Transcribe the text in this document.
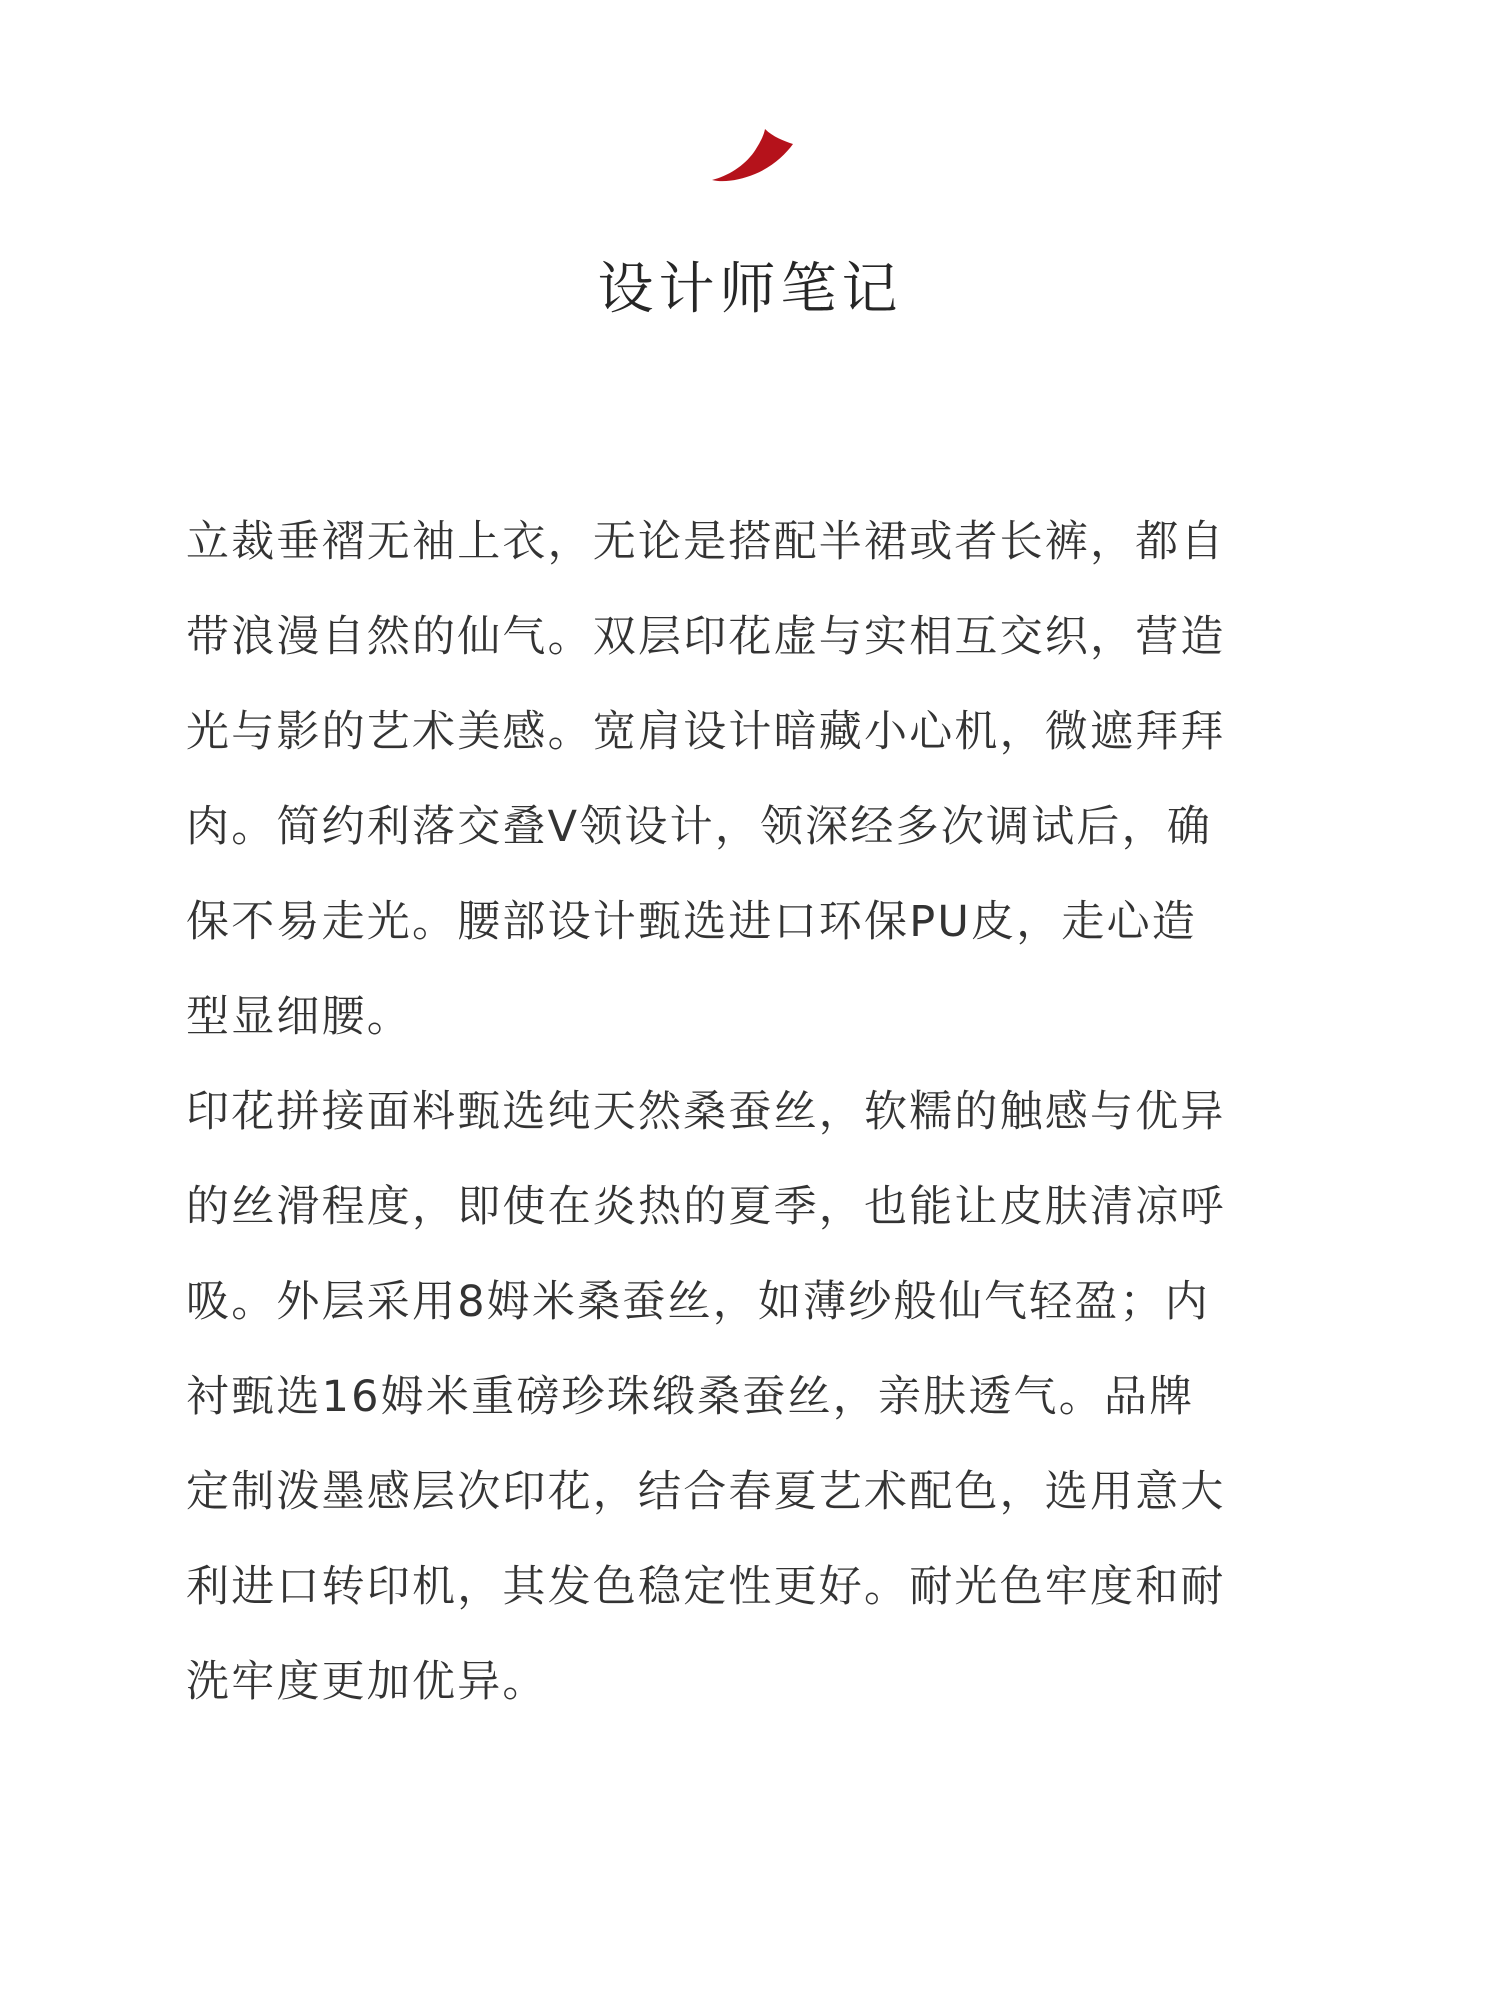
设计师笔记
立裁垂褶无袖上衣，无论是搭配半裙或者长裤，都自
带浪漫自然的仙气。双层印花虚与实相互交织，营造
光与影的艺术美感。宽肩设计暗藏小心机，微遮拜拜
肉。简约利落交叠V领设计，领深经多次调试后，确
保不易走光。腰部设计甄选进口环保PU皮，走心造
型显细腰。
印花拼接面料甄选纯天然桑蚕丝，软糯的触感与优异
的丝滑程度，即使在炎热的夏季，也能让皮肤清凉呼
吸。外层采用8姆米桑蚕丝，如薄纱般仙气轻盈；内
衬甄选16姆米重磅珍珠缎桑蚕丝，亲肤透气。品牌
定制泼墨感层次印花，结合春夏艺术配色，选用意大
利进口转印机，其发色稳定性更好。耐光色牢度和耐
洗牢度更加优异。
